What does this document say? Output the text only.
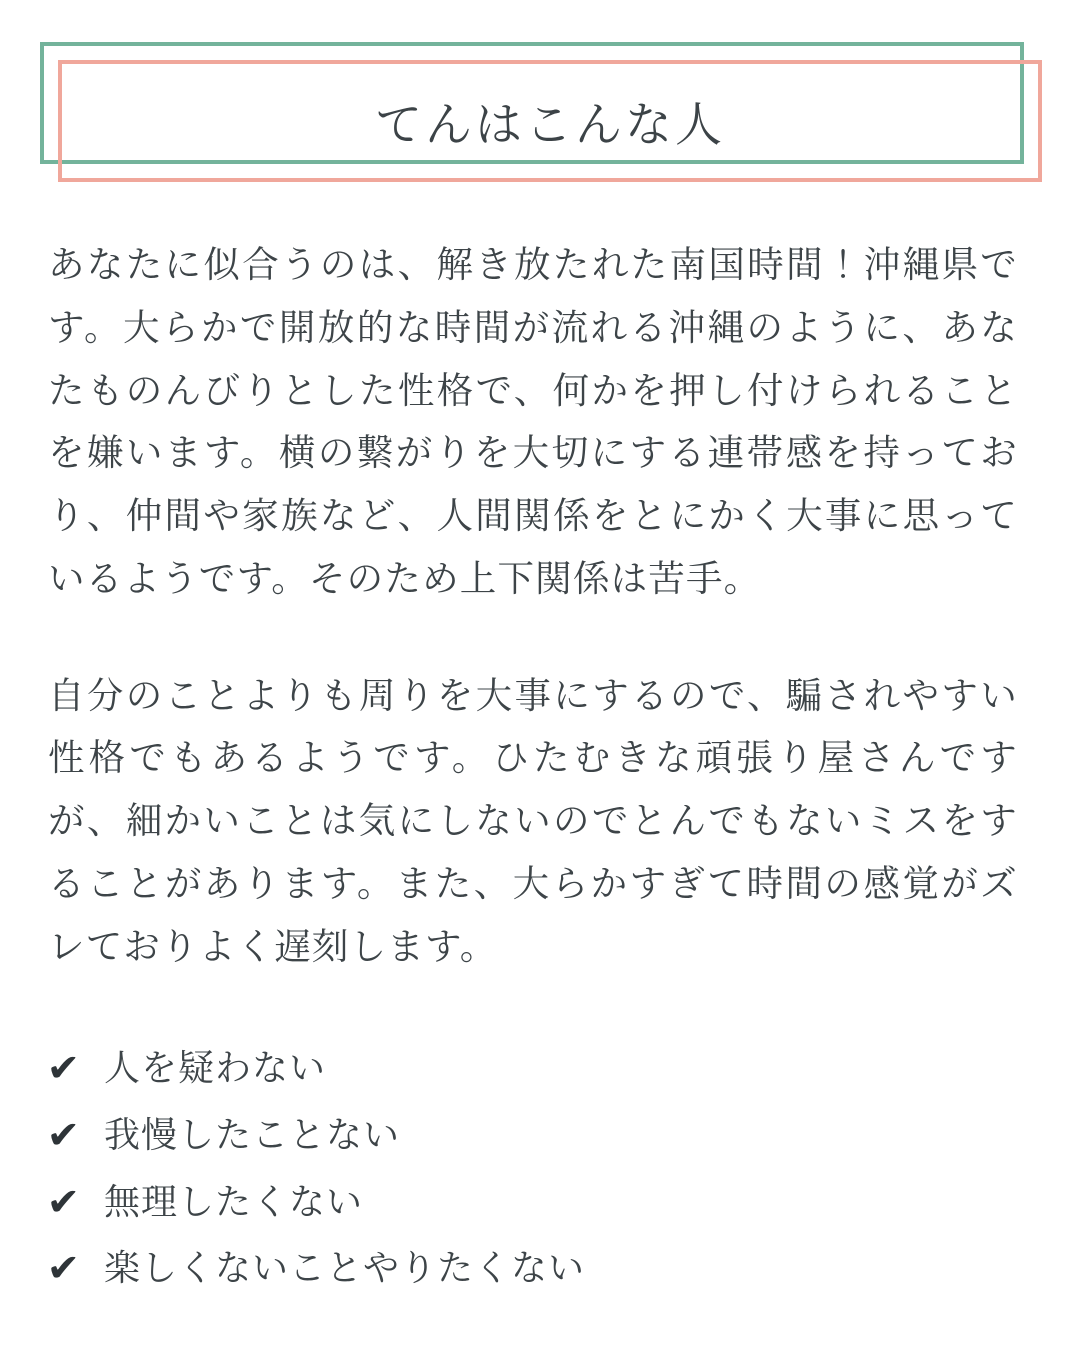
てんはこんな人

あなたに似合うのは、解き放たれた南国時間！沖縄県です。大らかで開放的な時間が流れる沖縄のように、あなたものんびりとした性格で、何かを押し付けられることを嫌います。横の繋がりを大切にする連帯感を持っており、仲間や家族など、人間関係をとにかく大事に思っているようです。そのため上下関係は苦手。

自分のことよりも周りを大事にするので、騙されやすい性格でもあるようです。ひたむきな頑張り屋さんですが、細かいことは気にしないのでとんでもないミスをすることがあります。また、大らかすぎて時間の感覚がズレておりよく遅刻します。

✔ 人を疑わない
✔ 我慢したことない
✔ 無理したくない
✔ 楽しくないことやりたくない
